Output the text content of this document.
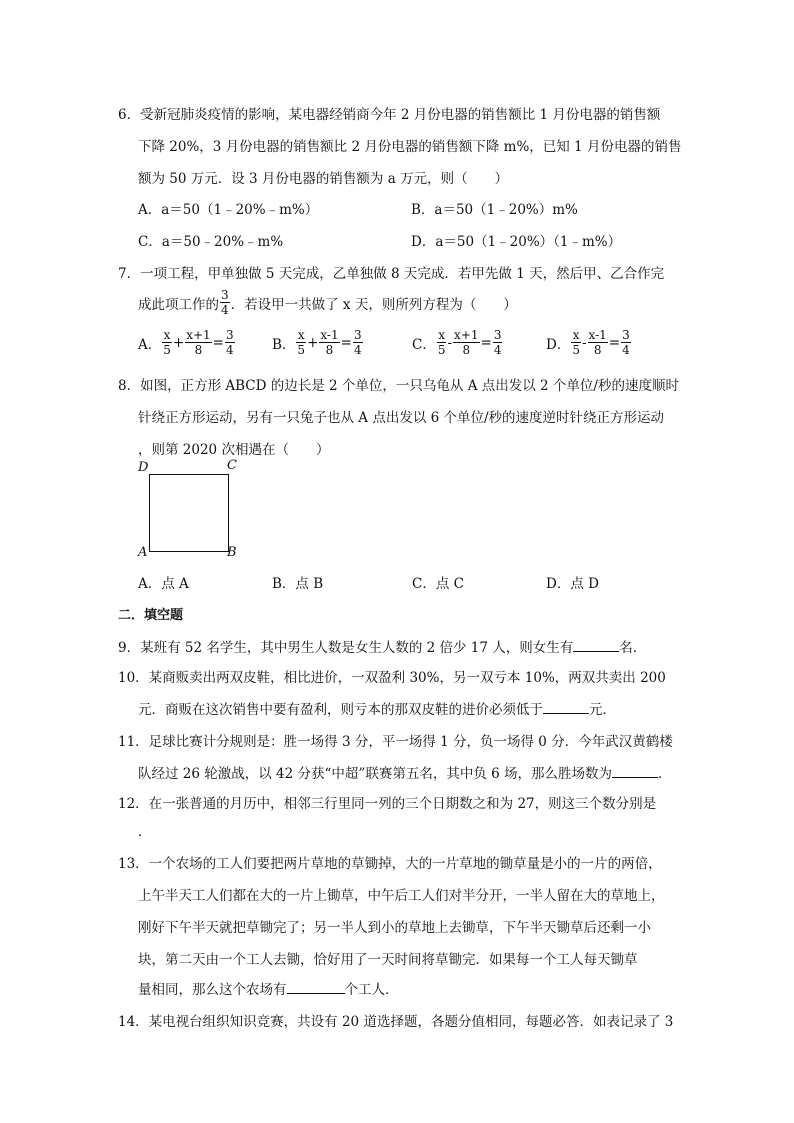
6．受新冠肺炎疫情的影响，某电器经销商今年 2 月份电器的销售额比 1 月份电器的销售额
下降 20%，3 月份电器的销售额比 2 月份电器的销售额下降 m%，已知 1 月份电器的销售
额为 50 万元．设 3 月份电器的销售额为 a 万元，则（　　）
A．a＝50（1﹣20%﹣m%）	B．a＝50（1﹣20%）m%
C．a＝50﹣20%﹣m%	D．a＝50（1﹣20%）（1﹣m%）
7．一项工程，甲单独做 5 天完成，乙单独做 8 天完成．若甲先做 1 天，然后甲、乙合作完
成此项工作的 $\frac{3}{4}$ ．若设甲一共做了 x 天，则所列方程为（　　）
A． $\frac{x}{5} + \frac{x+1}{8} = \frac{3}{4}$	B． $\frac{x}{5} + \frac{x-1}{8} = \frac{3}{4}$	C． $\frac{x}{5} - \frac{x+1}{8} = \frac{3}{4}$	D． $\frac{x}{5} - \frac{x-1}{8} = \frac{3}{4}$
8．如图，正方形 ABCD 的边长是 2 个单位，一只乌龟从 A 点出发以 2 个单位/秒的速度顺时
针绕正方形运动，另有一只兔子也从 A 点出发以 6 个单位/秒的速度逆时针绕正方形运动
，则第 2020 次相遇在（　　）
D	C
A	B
A．点 A	B．点 B	C．点 C	D．点 D
二．填空题
9．某班有 52 名学生，其中男生人数是女生人数的 2 倍少 17 人，则女生有	名．
10．某商贩卖出两双皮鞋，相比进价，一双盈利 30%，另一双亏本 10%，两双共卖出 200
元．商贩在这次销售中要有盈利，则亏本的那双皮鞋的进价必须低于	元．
11．足球比赛计分规则是：胜一场得 3 分，平一场得 1 分，负一场得 0 分．今年武汉黄鹤楼
队经过 26 轮激战，以 42 分获“中超”联赛第五名，其中负 6 场，那么胜场数为	．
12．在一张普通的月历中，相邻三行里同一列的三个日期数之和为 27，则这三个数分别是
．
13．一个农场的工人们要把两片草地的草锄掉，大的一片草地的锄草量是小的一片的两倍，
上午半天工人们都在大的一片上锄草，中午后工人们对半分开，一半人留在大的草地上，
刚好下午半天就把草锄完了；另一半人到小的草地上去锄草，下午半天锄草后还剩一小
块，第二天由一个工人去锄，恰好用了一天时间将草锄完．如果每一个工人每天锄草
量相同，那么这个农场有	个工人．
14．某电视台组织知识竞赛，共设有 20 道选择题，各题分值相同，每题必答．如表记录了 3
